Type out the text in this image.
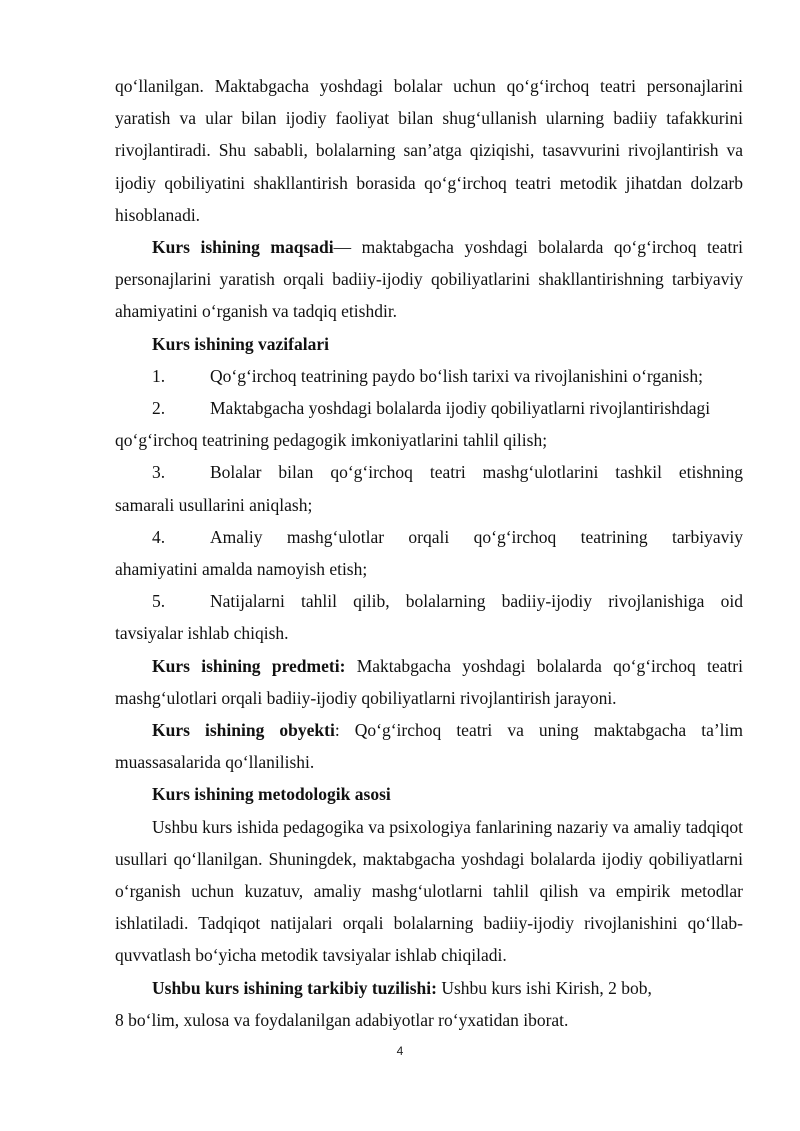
qo‘llanilgan. Maktabgacha yoshdagi bolalar uchun qo‘g‘irchoq teatri personajlarini yaratish va ular bilan ijodiy faoliyat bilan shug‘ullanish ularning badiiy tafakkurini rivojlantiradi. Shu sababli, bolalarning san’atga qiziqishi, tasavvurini rivojlantirish va ijodiy qobiliyatini shakllantirish borasida qo‘g‘irchoq teatri metodik jihatdan dolzarb hisoblanadi.

Kurs ishining maqsadi— maktabgacha yoshdagi bolalarda qo‘g‘irchoq teatri personajlarini yaratish orqali badiiy-ijodiy qobiliyatlarini shakllantirishning tarbiyaviy ahamiyatini o‘rganish va tadqiq etishdir.

Kurs ishining vazifalari

1.	Qo‘g‘irchoq teatrining paydo bo‘lish tarixi va rivojlanishini o‘rganish;
2.	Maktabgacha yoshdagi bolalarda ijodiy qobiliyatlarni rivojlantirishdagi
qo‘g‘irchoq teatrining pedagogik imkoniyatlarini tahlil qilish;
3.	Bolalar bilan qo‘g‘irchoq teatri mashg‘ulotlarini tashkil etishning
samarali usullarini aniqlash;
4.	Amaliy mashg‘ulotlar orqali qo‘g‘irchoq teatrining tarbiyaviy
ahamiyatini amalda namoyish etish;
5.	Natijalarni tahlil qilib, bolalarning badiiy-ijodiy rivojlanishiga oid
tavsiyalar ishlab chiqish.

Kurs ishining predmeti: Maktabgacha yoshdagi bolalarda qo‘g‘irchoq teatri mashg‘ulotlari orqali badiiy-ijodiy qobiliyatlarni rivojlantirish jarayoni.

Kurs ishining obyekti: Qo‘g‘irchoq teatri va uning maktabgacha ta’lim muassasalarida qo‘llanilishi.

Kurs ishining metodologik asosi

Ushbu kurs ishida pedagogika va psixologiya fanlarining nazariy va amaliy tadqiqot usullari qo‘llanilgan. Shuningdek, maktabgacha yoshdagi bolalarda ijodiy qobiliyatlarni o‘rganish uchun kuzatuv, amaliy mashg‘ulotlarni tahlil qilish va empirik metodlar ishlatiladi. Tadqiqot natijalari orqali bolalarning badiiy-ijodiy rivojlanishini qo‘llab-quvvatlash bo‘yicha metodik tavsiyalar ishlab chiqiladi.

Ushbu kurs ishining tarkibiy tuzilishi: Ushbu kurs ishi Kirish, 2 bob,

8 bo‘lim, xulosa va foydalanilgan adabiyotlar ro‘yxatidan iborat.

4
